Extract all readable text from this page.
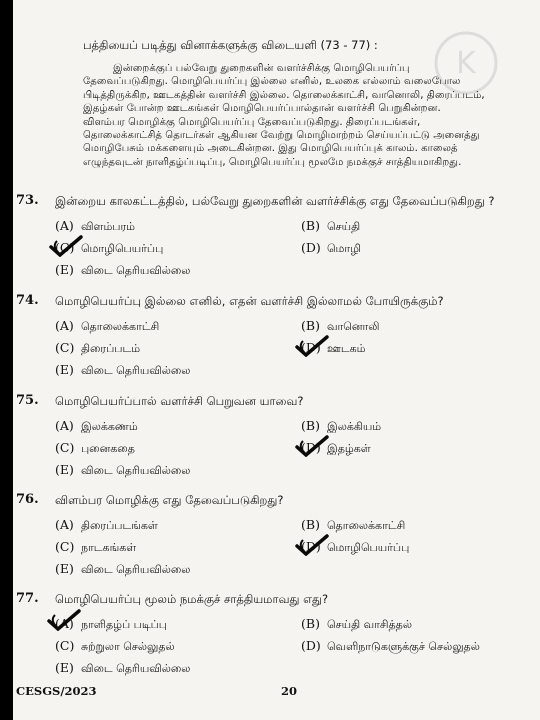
K
பத்தியைப் படித்து வினாக்களுக்கு விடையளி (73 - 77) :
இன்றைக்குப் பல்வேறு துறைகளின் வளர்ச்சிக்கு மொழிபெயர்ப்பு
தேவைப்படுகிறது. மொழிபெயர்ப்பு இல்லை எனில், உலகை எல்லாம் வலைபோல
பிடித்திருக்கிற, ஊடகத்தின் வளர்ச்சி இல்லை. தொலைக்காட்சி, வானொலி, திரைப்படம்,
இதழ்கள் போன்ற ஊடகங்கள் மொழிபெயர்ப்பால்தான் வளர்ச்சி பெறுகின்றன.
விளம்பர மொழிக்கு மொழிபெயர்ப்பு தேவைப்படுகிறது. திரைப்படங்கள்,
தொலைக்காட்சித் தொடர்கள் ஆகியன வேற்று மொழிமாற்றம் செய்யப்பட்டு அனைத்து
மொழிபேசும் மக்களையும் அடைகின்றன. இது மொழிபெயர்ப்புக் காலம். காலைத்
எழுந்தவுடன் நாளிதழ்ப்படிப்பு, மொழிபெயர்ப்பு மூலமே நமக்குச் சாத்தியமாகிறது.
73. இன்றைய காலகட்டத்தில், பல்வேறு துறைகளின் வளர்ச்சிக்கு எது தேவைப்படுகிறது ?
(A) விளம்பரம்	(B) செய்தி
(C) மொழிபெயர்ப்பு	(D) மொழி
(E) விடை தெரியவில்லை
74. மொழிபெயர்ப்பு இல்லை எனில், எதன் வளர்ச்சி இல்லாமல் போயிருக்கும்?
(A) தொலைக்காட்சி	(B) வானொலி
(C) திரைப்படம்	(D) ஊடகம்
(E) விடை தெரியவில்லை
75. மொழிபெயர்ப்பால் வளர்ச்சி பெறுவன யாவை?
(A) இலக்கணம்	(B) இலக்கியம்
(C) புனைகதை	(D) இதழ்கள்
(E) விடை தெரியவில்லை
76. விளம்பர மொழிக்கு எது தேவைப்படுகிறது?
(A) திரைப்படங்கள்	(B) தொலைக்காட்சி
(C) நாடகங்கள்	(D) மொழிபெயர்ப்பு
(E) விடை தெரியவில்லை
77. மொழிபெயர்ப்பு மூலம் நமக்குச் சாத்தியமாவது எது?
(A) நாளிதழ்ப் படிப்பு	(B) செய்தி வாசித்தல்
(C) சுற்றுலா செல்லுதல்	(D) வெளிநாடுகளுக்குச் செல்லுதல்
(E) விடை தெரியவில்லை
CESGS/2023	20
